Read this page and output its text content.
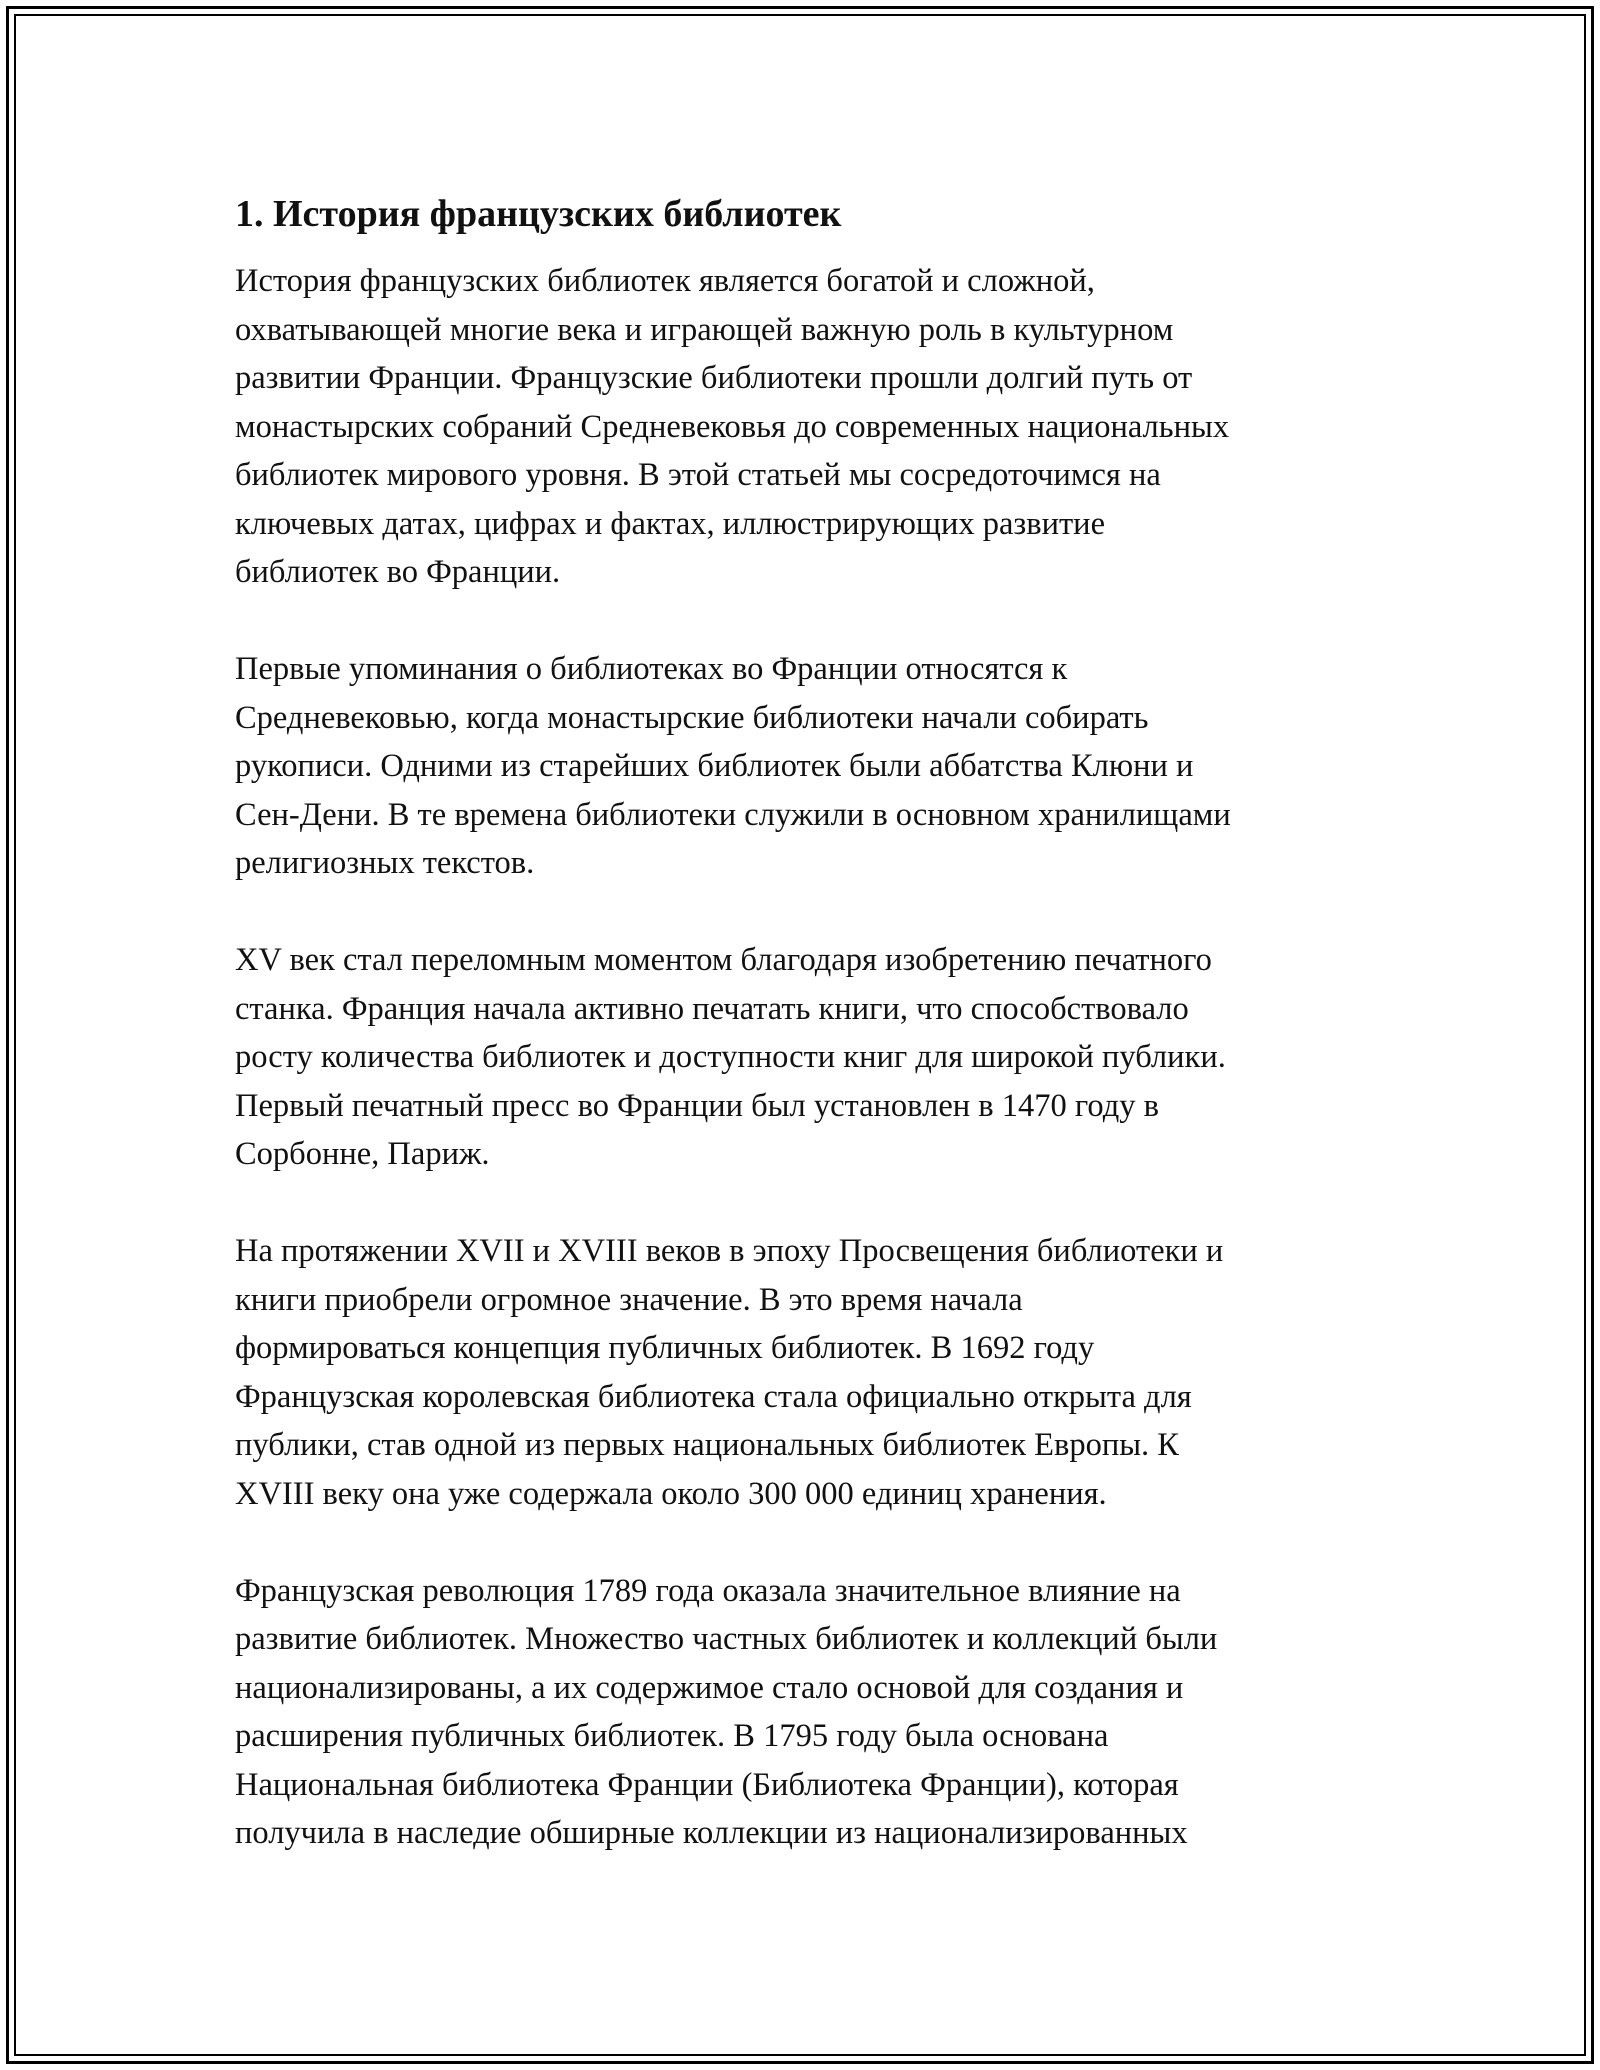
1. История французских библиотек

История французских библиотек является богатой и сложной,
охватывающей многие века и играющей важную роль в культурном
развитии Франции. Французские библиотеки прошли долгий путь от
монастырских собраний Средневековья до современных национальных
библиотек мирового уровня. В этой статьей мы сосредоточимся на
ключевых датах, цифрах и фактах, иллюстрирующих развитие
библиотек во Франции.

Первые упоминания о библиотеках во Франции относятся к
Средневековью, когда монастырские библиотеки начали собирать
рукописи. Одними из старейших библиотек были аббатства Клюни и
Сен-Дени. В те времена библиотеки служили в основном хранилищами
религиозных текстов.

XV век стал переломным моментом благодаря изобретению печатного
станка. Франция начала активно печатать книги, что способствовало
росту количества библиотек и доступности книг для широкой публики.
Первый печатный пресс во Франции был установлен в 1470 году в
Сорбонне, Париж.

На протяжении XVII и XVIII веков в эпоху Просвещения библиотеки и
книги приобрели огромное значение. В это время начала
формироваться концепция публичных библиотек. В 1692 году
Французская королевская библиотека стала официально открыта для
публики, став одной из первых национальных библиотек Европы. К
XVIII веку она уже содержала около 300 000 единиц хранения.

Французская революция 1789 года оказала значительное влияние на
развитие библиотек. Множество частных библиотек и коллекций были
национализированы, а их содержимое стало основой для создания и
расширения публичных библиотек. В 1795 году была основана
Национальная библиотека Франции (Библиотека Франции), которая
получила в наследие обширные коллекции из национализированных
